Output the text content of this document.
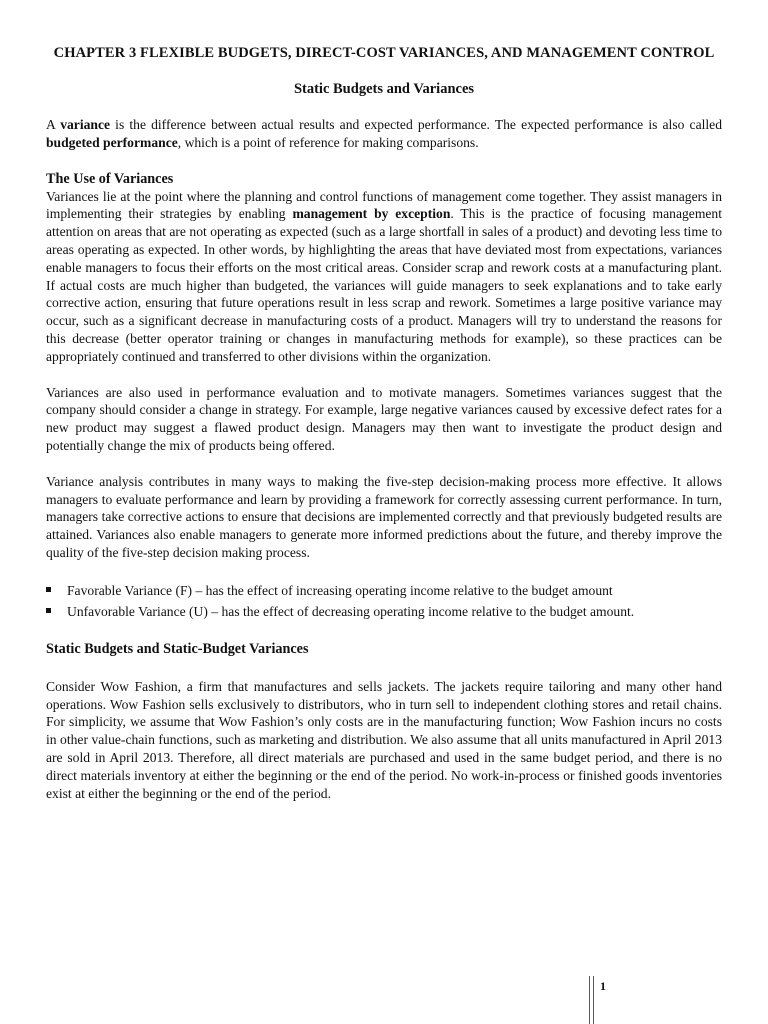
CHAPTER 3 FLEXIBLE BUDGETS, DIRECT-COST VARIANCES, AND MANAGEMENT CONTROL
Static Budgets and Variances

A variance is the difference between actual results and expected performance. The expected performance is also called budgeted performance, which is a point of reference for making comparisons.

The Use of Variances

Variances lie at the point where the planning and control functions of management come together. They assist managers in implementing their strategies by enabling management by exception. This is the practice of focusing management attention on areas that are not operating as expected (such as a large shortfall in sales of a product) and devoting less time to areas operating as expected. In other words, by highlighting the areas that have deviated most from expectations, variances enable managers to focus their efforts on the most critical areas. Consider scrap and rework costs at a manufacturing plant. If actual costs are much higher than budgeted, the variances will guide managers to seek explanations and to take early corrective action, ensuring that future operations result in less scrap and rework. Sometimes a large positive variance may occur, such as a significant decrease in manufacturing costs of a product. Managers will try to understand the reasons for this decrease (better operator training or changes in manufacturing methods for example), so these practices can be appropriately continued and transferred to other divisions within the organization.

Variances are also used in performance evaluation and to motivate managers. Sometimes variances suggest that the company should consider a change in strategy. For example, large negative variances caused by excessive defect rates for a new product may suggest a flawed product design. Managers may then want to investigate the product design and potentially change the mix of products being offered.

Variance analysis contributes in many ways to making the five-step decision-making process more effective. It allows managers to evaluate performance and learn by providing a framework for correctly assessing current performance. In turn, managers take corrective actions to ensure that decisions are implemented correctly and that previously budgeted results are attained. Variances also enable managers to generate more informed predictions about the future, and thereby improve the quality of the five-step decision making process.

Favorable Variance (F) – has the effect of increasing operating income relative to the budget amount
Unfavorable Variance (U) – has the effect of decreasing operating income relative to the budget amount.
Static Budgets and Static-Budget Variances

Consider Wow Fashion, a firm that manufactures and sells jackets. The jackets require tailoring and many other hand operations. Wow Fashion sells exclusively to distributors, who in turn sell to independent clothing stores and retail chains. For simplicity, we assume that Wow Fashion’s only costs are in the manufacturing function; Wow Fashion incurs no costs in other value-chain functions, such as marketing and distribution. We also assume that all units manufactured in April 2013 are sold in April 2013. Therefore, all direct materials are purchased and used in the same budget period, and there is no direct materials inventory at either the beginning or the end of the period. No work-in-process or finished goods inventories exist at either the beginning or the end of the period.

1
